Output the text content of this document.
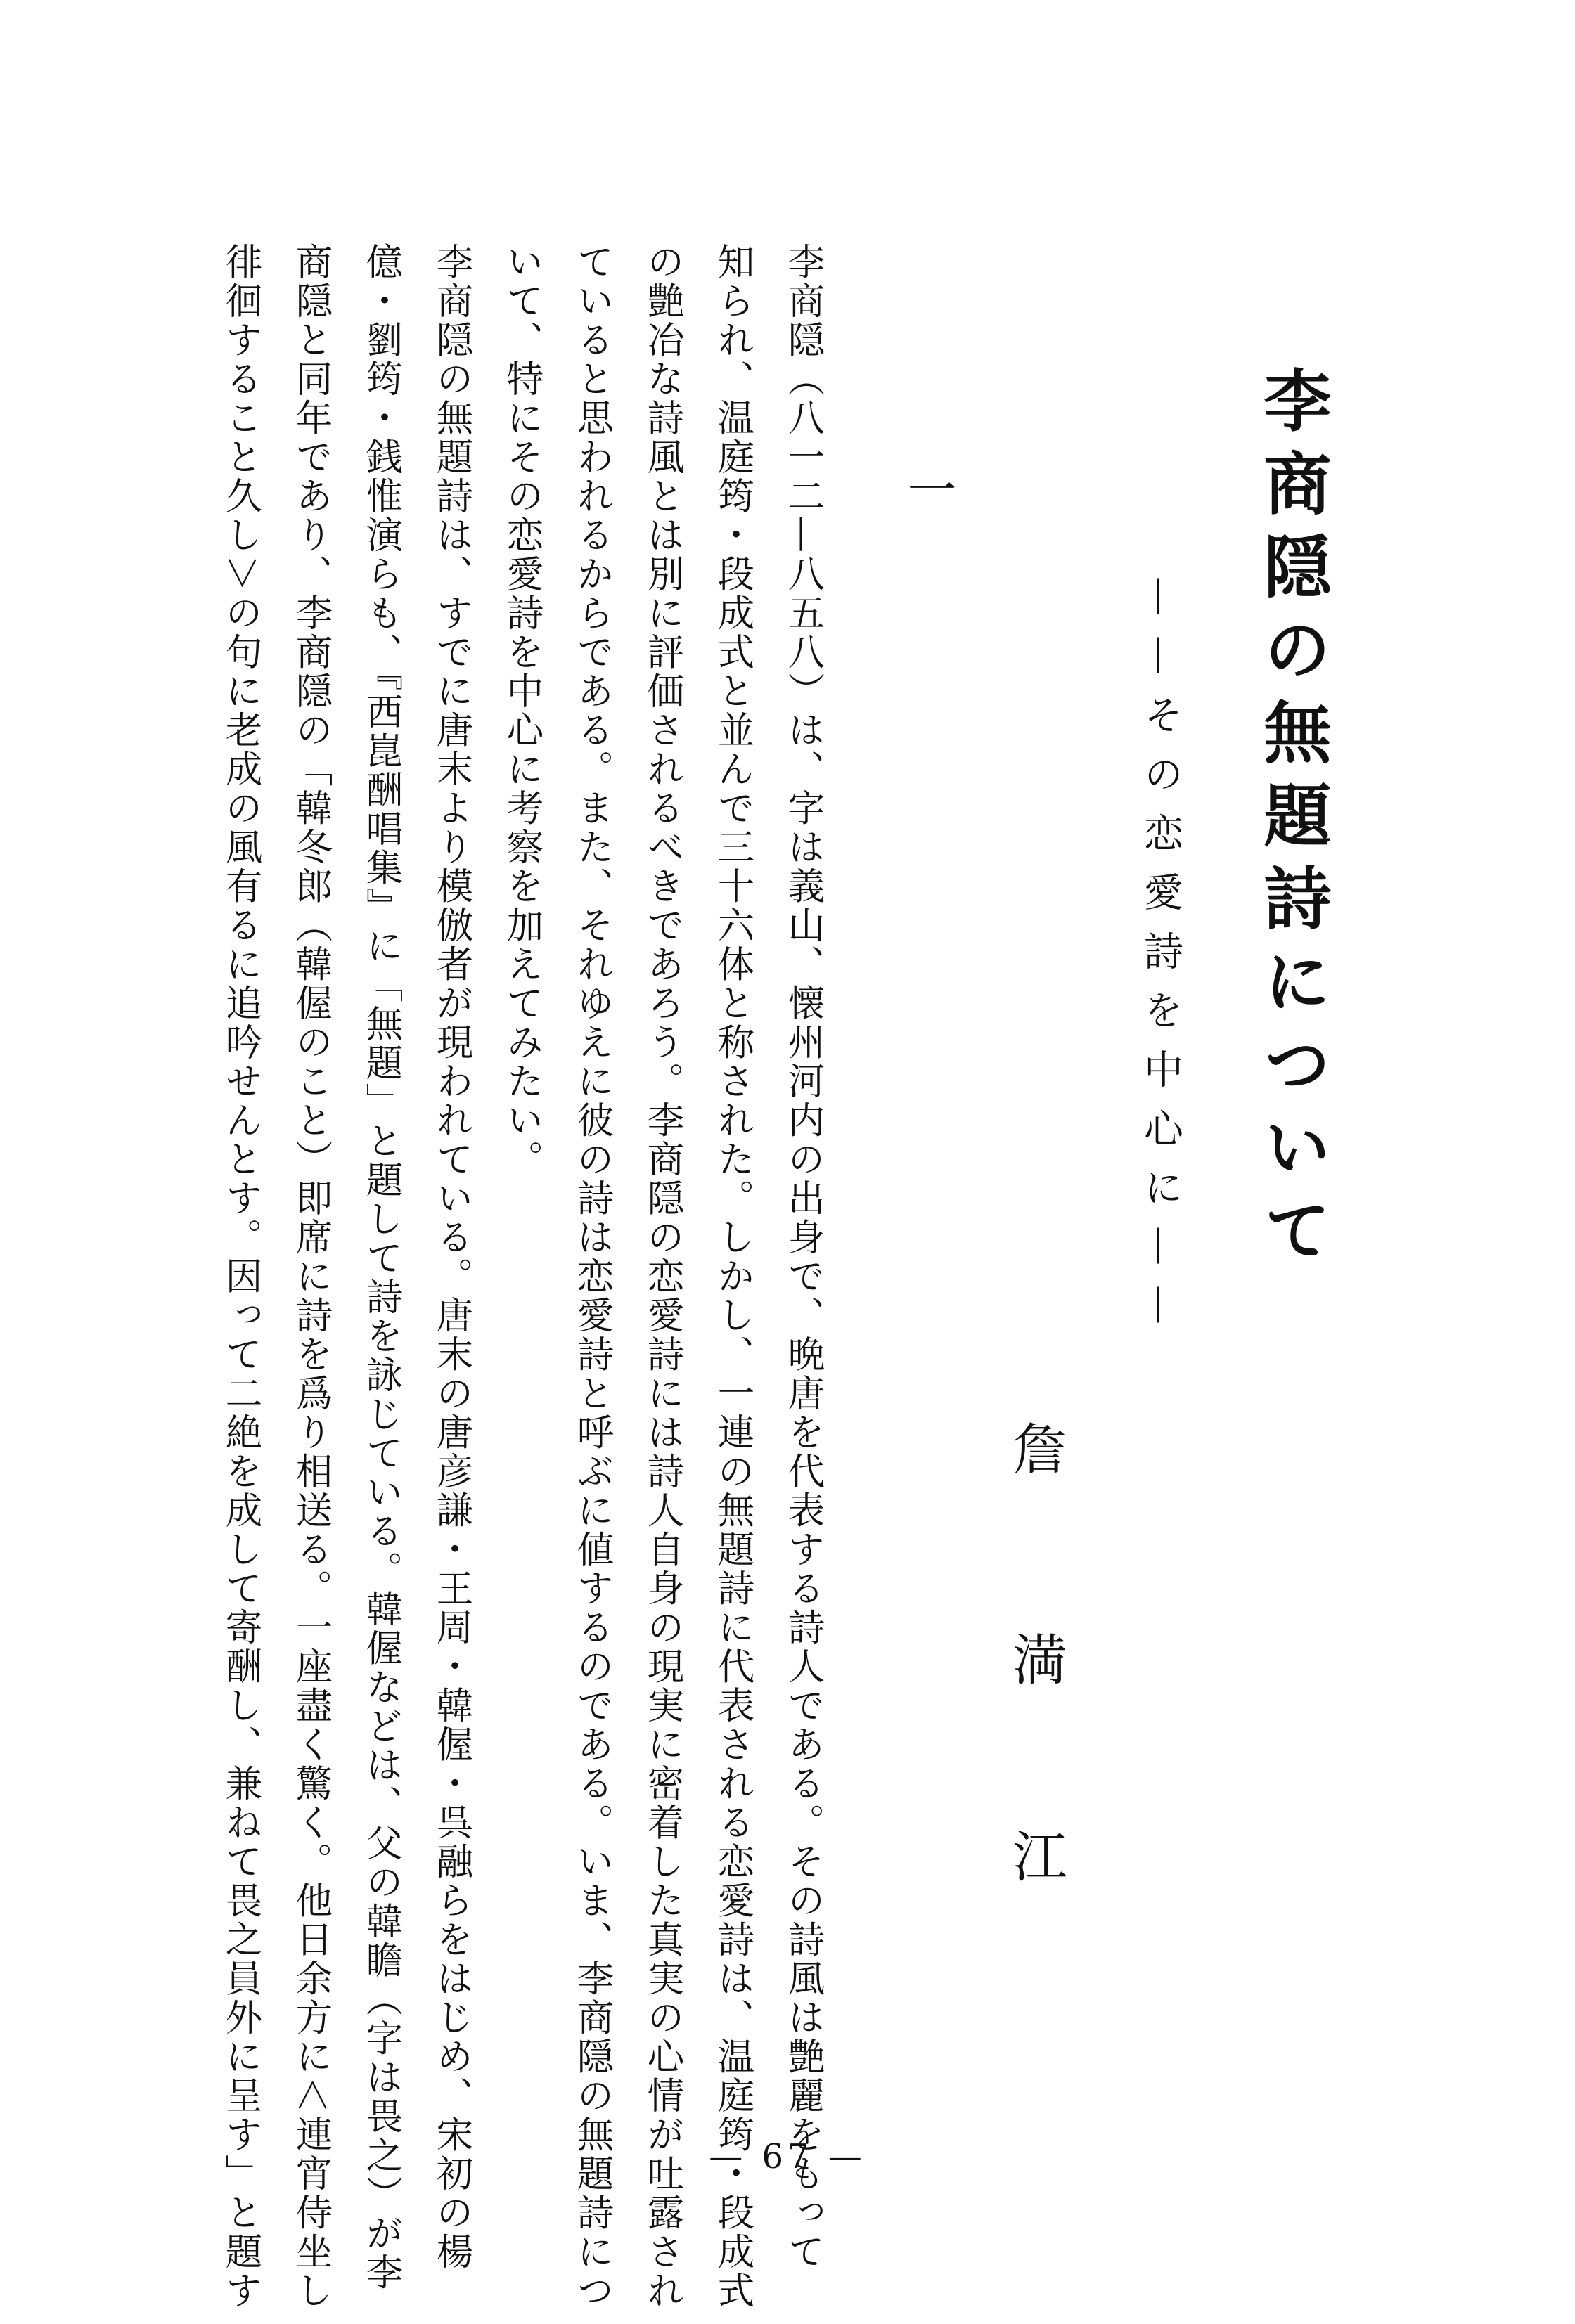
李商隠の無題詩について

——その恋愛詩を中心に——

詹
満
江
一

李商隠（八一二—八五八）は、字は義山、懐州河内の出身で、晩唐を代表する詩人である。その詩風は艶麗をもって

知られ、温庭筠・段成式と並んで三十六体と称された。しかし、一連の無題詩に代表される恋愛詩は、温庭筠・段成式

の艶冶な詩風とは別に評価されるべきであろう。李商隠の恋愛詩には詩人自身の現実に密着した真実の心情が吐露され

ていると思われるからである。また、それゆえに彼の詩は恋愛詩と呼ぶに値するのである。いま、李商隠の無題詩につ

いて、特にその恋愛詩を中心に考察を加えてみたい。

李商隠の無題詩は、すでに唐末より模倣者が現われている。唐末の唐彦謙・王周・韓偓・呉融らをはじめ、宋初の楊

億・劉筠・銭惟演らも、『西崑酬唱集』に「無題」と題して詩を詠じている。韓偓などは、父の韓瞻（字は畏之）が李

商隠と同年であり、李商隠の「韓冬郎（韓偓のこと）即席に詩を爲り相送る。一座盡く驚く。他日余方に＜連宵侍坐し

徘徊すること久し＞の句に老成の風有るに追吟せんとす。因って二絶を成して寄酬し、兼ねて畏之員外に呈す」と題す	— 67 —
